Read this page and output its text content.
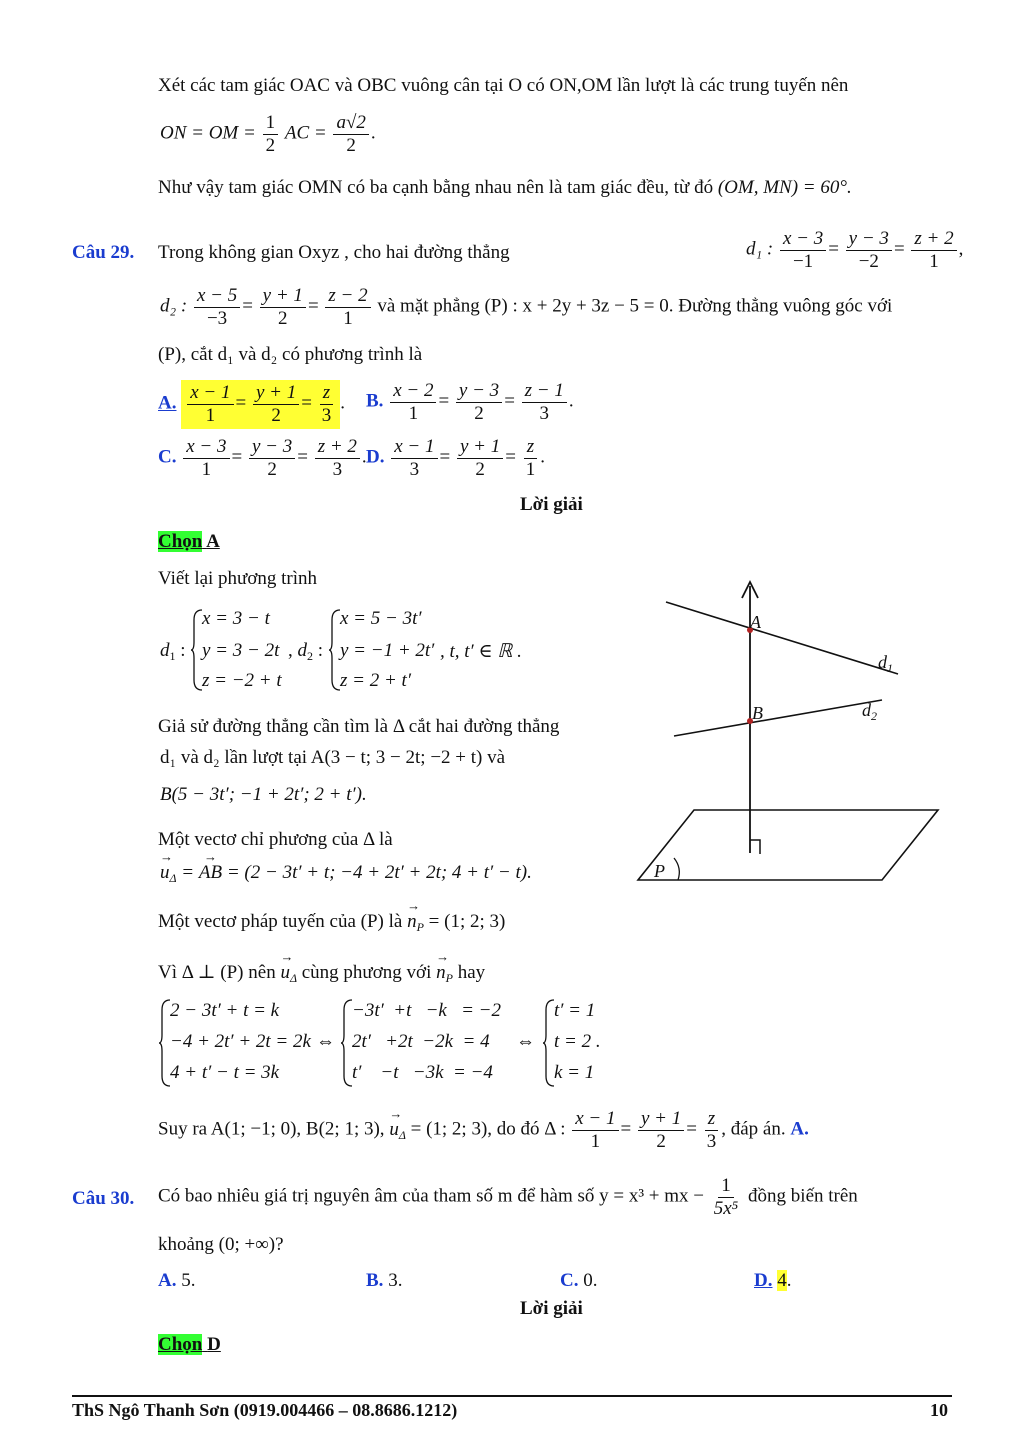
Xét các tam giác OAC và OBC vuông cân tại O có ON,OM lần lượt là các trung tuyến nên
ON = OM = $\frac{1}{2}$ AC = $\frac{a√2}{2}$ .
Như vậy tam giác OMN có ba cạnh bằng nhau nên là tam giác đều, từ đó (OM, MN) = 60°.
Câu 29. Trong không gian Oxyz , cho hai đường thẳng	d₁ : $\frac{x - 3}{-1} = \frac{y - 3}{-2} = \frac{z + 2}{1}$ ,
d₂ : $\frac{x - 5}{-3} = \frac{y + 1}{2} = \frac{z - 2}{1}$ và mặt phẳng (P) : x + 2y + 3z − 5 = 0. Đường thẳng vuông góc với
(P), cắt d₁ và d₂ có phương trình là
A. $\frac{x - 1}{1} = \frac{y + 1}{2} = \frac{z}{3}$ . B. $\frac{x - 2}{1} = \frac{y - 3}{2} = \frac{z - 1}{3}$ .
C. $\frac{x - 3}{1} = \frac{y - 3}{2} = \frac{z + 2}{3}$ . D. $\frac{x - 1}{3} = \frac{y + 1}{2} = \frac{z}{1}$ .
Lời giải
Chọn A
Viết lại phương trình
$d_1$ :
x = 3 − t
y = 3 − 2t
z = −2 + t
, $d_2$ :
x = 5 − 3t′
y = −1 + 2t′
z = 2 + t′
, t, t′ ∈ ℝ .
Giả sử đường thẳng cần tìm là Δ cắt hai đường thẳng
d₁ và d₂ lần lượt tại A(3 − t; 3 − 2t; −2 + t) và
B(5 − 3t′; −1 + 2t′; 2 + t′).
Một vectơ chỉ phương của Δ là
→ $u_\Delta$ = → AB = (2 − 3t′ + t; −4 + 2t′ + 2t; 4 + t′ − t).
Một vectơ pháp tuyến của (P) là → $n_P = (1$; 2; 3)
Vì Δ ⊥ (P) nên → $u_\Delta$ cùng phương với → $n_P$ hay
2 − 3t′ + t = k
−4 + 2t′ + 2t = 2k
4 + t′ − t = 3k
⇔
−3t′  +t   −k   = −2
2t′   +2t  −2k  = 4
t′    −t   −3k  = −4
⇔
t′ = 1
t = 2 .
k = 1
Suy ra A(1; −1; 0), B(2; 1; 3), → $u_\Delta = (1$; 2; 3), do đó Δ : $\frac{x - 1}{1} = \frac{y + 1}{2} = \frac{z}{3}$ , đáp án. A.
A
B
$d_1$
$d_2$
P
Câu 30. Có bao nhiêu giá trị nguyên âm của tham số m để hàm số y = x³ + mx − $\frac{1}{\text{5x⁵}}$ đồng biến trên
khoảng (0; +∞)?
A. 5.	B. 3.	C. 0.	D. 4.
Lời giải
Chọn D
ThS Ngô Thanh Sơn (0919.004466 – 08.8686.1212)	10
